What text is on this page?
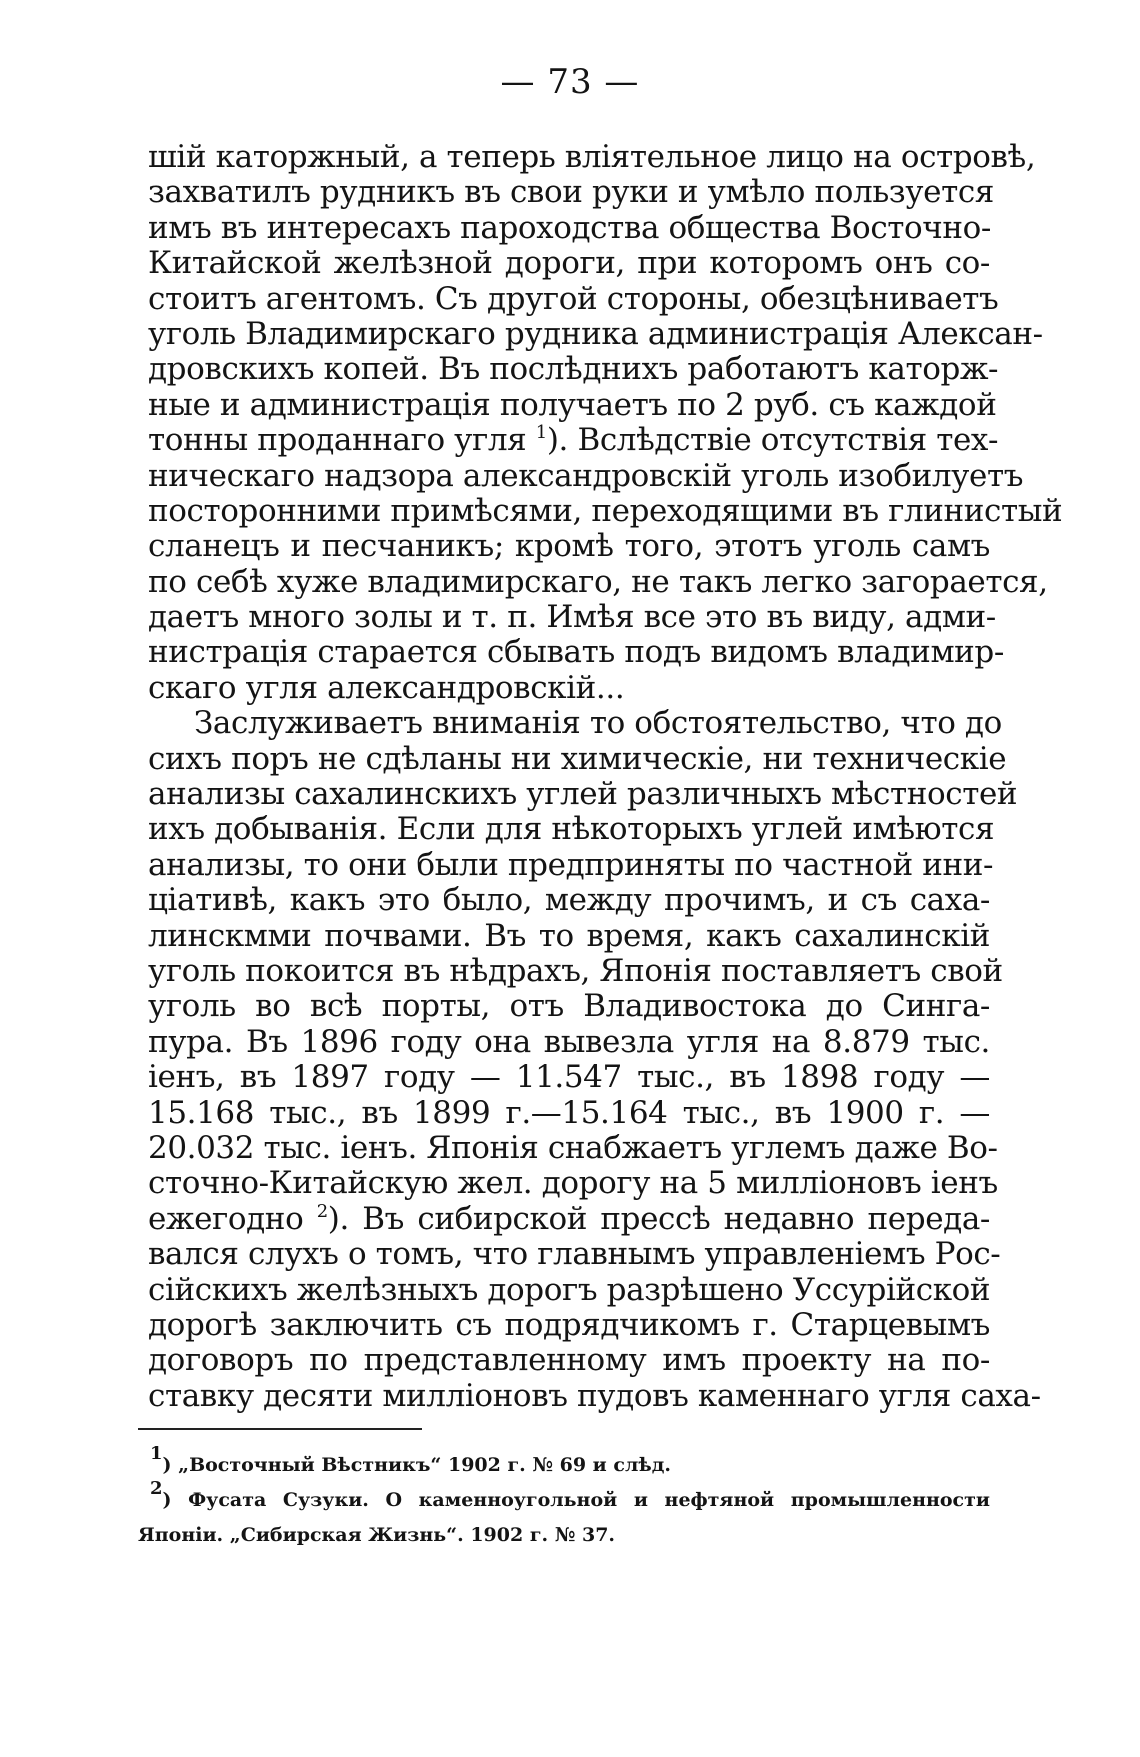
— 73 —
шій каторжный, а теперь вліятельное лицо на островѣ,
захватилъ рудникъ въ свои руки и умѣло пользуется
имъ въ интересахъ пароходства общества Восточно-
Китайской желѣзной дороги, при которомъ онъ со-
стоитъ агентомъ. Съ другой стороны, обезцѣниваетъ
уголь Владимирскаго рудника администрація Алексан-
дровскихъ копей. Въ послѣднихъ работаютъ каторж-
ные и администрація получаетъ по 2 руб. съ каждой
тонны проданнаго угля $^1$). Вслѣдствіе отсутствія тех-
ническаго надзора александровскій уголь изобилуетъ
посторонними примѣсями, переходящими въ глинистый
сланецъ и песчаникъ; кромѣ того, этотъ уголь самъ
по себѣ хуже владимирскаго, не такъ легко загорается,
даетъ много золы и т. п. Имѣя все это въ виду, адми-
нистрація старается сбывать подъ видомъ владимир-
скаго угля александровскій...
Заслуживаетъ вниманія то обстоятельство, что до
сихъ поръ не сдѣланы ни химическіе, ни техническіе
анализы сахалинскихъ углей различныхъ мѣстностей
ихъ добыванія. Если для нѣкоторыхъ углей имѣются
анализы, то они были предприняты по частной ини-
ціативѣ, какъ это было, между прочимъ, и съ саха-
линскмми почвами. Въ то время, какъ сахалинскій
уголь покоится въ нѣдрахъ, Японія поставляетъ свой
уголь во всѣ порты, отъ Владивостока до Синга-
пура. Въ 1896 году она вывезла угля на 8.879 тыс.
іенъ, въ 1897 году — 11.547 тыс., въ 1898 году —
15.168 тыс., въ 1899 г.—15.164 тыс., въ 1900 г. —
20.032 тыс. іенъ. Японія снабжаетъ углемъ даже Во-
сточно-Китайскую жел. дорогу на 5 милліоновъ іенъ
ежегодно $^2$). Въ сибирской прессѣ недавно переда-
вался слухъ о томъ, что главнымъ управленіемъ Рос-
сійскихъ желѣзныхъ дорогъ разрѣшено Уссурійской
дорогѣ заключить съ подрядчикомъ г. Старцевымъ
договоръ по представленному имъ проекту на по-
ставку десяти милліоновъ пудовъ каменнаго угля саха-
$^1$) „Восточный Вѣстникъ“ 1902 г. № 69 и слѣд.
$^2$) Фусата Сузуки. О каменноугольной и нефтяной промышленности
Японіи. „Сибирская Жизнь“. 1902 г. № 37.
